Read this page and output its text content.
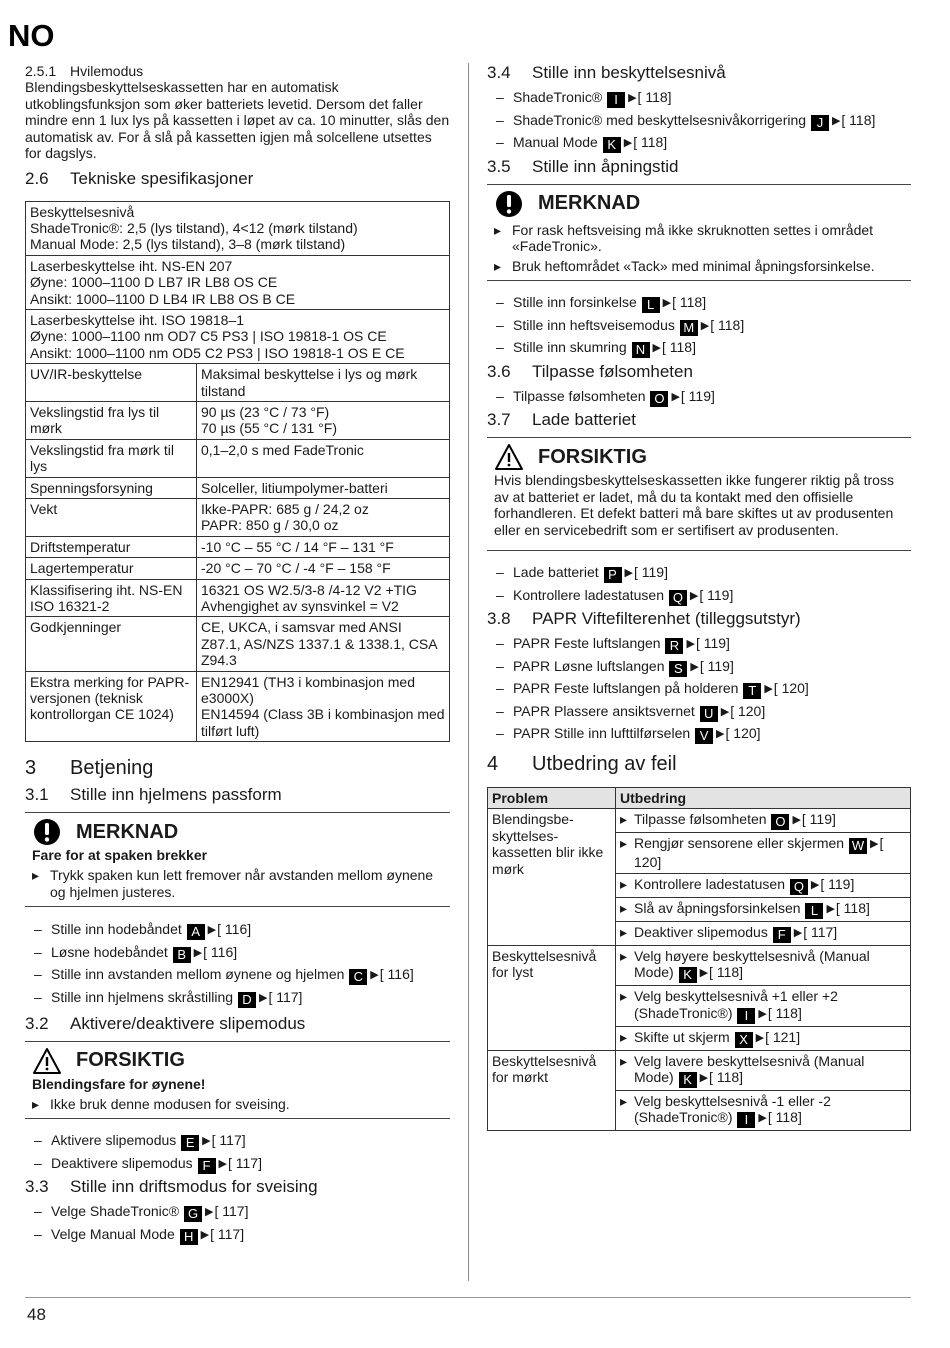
NO
48

2.5.1 Hvilemodus

Blendingsbeskyttelseskassetten har en automatisk utkoblingsfunksjon som øker batteriets levetid. Dersom det faller mindre enn 1 lux lys på kassetten i løpet av ca. 10 minutter, slås den automatisk av. For å slå på kassetten igjen må solcellene utsettes for dagslys.

2.6 Tekniske spesifikasjoner

Beskyttelsesnivå
ShadeTronic®: 2,5 (lys tilstand), 4<12 (mørk tilstand)
Manual Mode: 2,5 (lys tilstand), 3–8 (mørk tilstand)	

Laserbeskyttelse iht. NS-EN 207
Øyne: 1000–1100 D LB7 IR LB8 OS CE
Ansikt: 1000–1100 D LB4 IR LB8 OS B CE	

Laserbeskyttelse iht. ISO 19818–1
Øyne: 1000–1100 nm OD7 C5 PS3 | ISO 19818-1 OS CE
Ansikt: 1000–1100 nm OD5 C2 PS3 | ISO 19818-1 OS E CE	

UV/IR-beskyttelse	Maksimal beskyttelse i lys og mørk tilstand

Vekslingstid fra lys til mørk	90 µs (23 °C / 73 °F)
70 µs (55 °C / 131 °F)

Vekslingstid fra mørk til lys	0,1–2,0 s med FadeTronic

Spenningsforsyning	Solceller, litiumpolymer-batteri

Vekt	Ikke-PAPR: 685 g / 24,2 oz
PAPR: 850 g / 30,0 oz

Driftstemperatur	-10 °C – 55 °C / 14 °F – 131 °F

Lagertemperatur	-20 °C – 70 °C / -4 °F – 158 °F

Klassifisering iht. NS-EN ISO 16321-2	16321 OS W2.5/3-8 /4-12 V2 +TIG
Avhengighet av synsvinkel = V2

Godkjenninger	CE, UKCA, i samsvar med ANSI Z87.1, AS/NZS 1337.1 & 1338.1, CSA Z94.3

Ekstra merking for PAPR-versjonen (teknisk kontrollorgan CE 1024)	EN12941 (TH3 i kombinasjon med e3000X)
EN14594 (Class 3B i kombinasjon med tilført luft)

3 Betjening

3.1 Stille inn hjelmens passform

MERKNAD
Fare for at spaken brekker
▸ Trykk spaken kun lett fremover når avstanden mellom øynene og hjelmen justeres.
– Stille inn hodebåndet A ▶[ 116]
– Løsne hodebåndet B ▶[ 116]
– Stille inn avstanden mellom øynene og hjelmen C ▶[ 116]
– Stille inn hjelmens skråstilling D ▶[ 117]

3.2 Aktivere/deaktivere slipemodus

FORSIKTIG
Blendingsfare for øynene!
▸ Ikke bruk denne modusen for sveising.
– Aktivere slipemodus E ▶[ 117]
– Deaktivere slipemodus F ▶[ 117]

3.3 Stille inn driftsmodus for sveising

– Velge ShadeTronic® G ▶[ 117]
– Velge Manual Mode H ▶[ 117]

3.4 Stille inn beskyttelsesnivå

– ShadeTronic® I ▶[ 118]
– ShadeTronic® med beskyttelsesnivåkorrigering J ▶[ 118]
– Manual Mode K ▶[ 118]

3.5 Stille inn åpningstid

MERKNAD
▸ For rask heftsveising må ikke skruknotten settes i området «FadeTronic».
▸ Bruk heftområdet «Tack» med minimal åpningsforsinkelse.
– Stille inn forsinkelse L ▶[ 118]
– Stille inn heftsveisemodus M ▶[ 118]
– Stille inn skumring N ▶[ 118]

3.6 Tilpasse følsomheten

– Tilpasse følsomheten O ▶[ 119]

3.7 Lade batteriet

FORSIKTIG
Hvis blendingsbeskyttelseskassetten ikke fungerer riktig på tross av at batteriet er ladet, må du ta kontakt med den offisielle forhandleren. Et defekt batteri må bare skiftes ut av produsenten eller en servicebedrift som er sertifisert av produsenten.
– Lade batteriet P ▶[ 119]
– Kontrollere ladestatusen Q ▶[ 119]

3.8 PAPR Viftefilterenhet (tilleggsutstyr)

– PAPR Feste luftslangen R ▶[ 119]
– PAPR Løsne luftslangen S ▶[ 119]
– PAPR Feste luftslangen på holderen T ▶[ 120]
– PAPR Plassere ansiktsvernet U ▶[ 120]
– PAPR Stille inn lufttilførselen V ▶[ 120]

4 Utbedring av feil

Problem	Utbedring
Blendingsbe-skyttelses-kassetten blir ikke mørk	▸ Tilpasse følsomheten O ▶[ 119]

	▸ Rengjør sensorene eller skjermen W ▶[ 120]

	▸ Kontrollere ladestatusen Q ▶[ 119]

	▸ Slå av åpningsforsinkelsen L ▶[ 118]

	▸ Deaktiver slipemodus F ▶[ 117]

Beskyttelsesnivå for lyst	▸ Velg høyere beskyttelsesnivå (Manual Mode) K ▶[ 118]

	▸ Velg beskyttelsesnivå +1 eller +2 (ShadeTronic®) I ▶[ 118]

	▸ Skifte ut skjerm X ▶[ 121]

Beskyttelsesnivå for mørkt	▸ Velg lavere beskyttelsesnivå (Manual Mode) K ▶[ 118]

	▸ Velg beskyttelsesnivå -1 eller -2 (ShadeTronic®) I ▶[ 118]
